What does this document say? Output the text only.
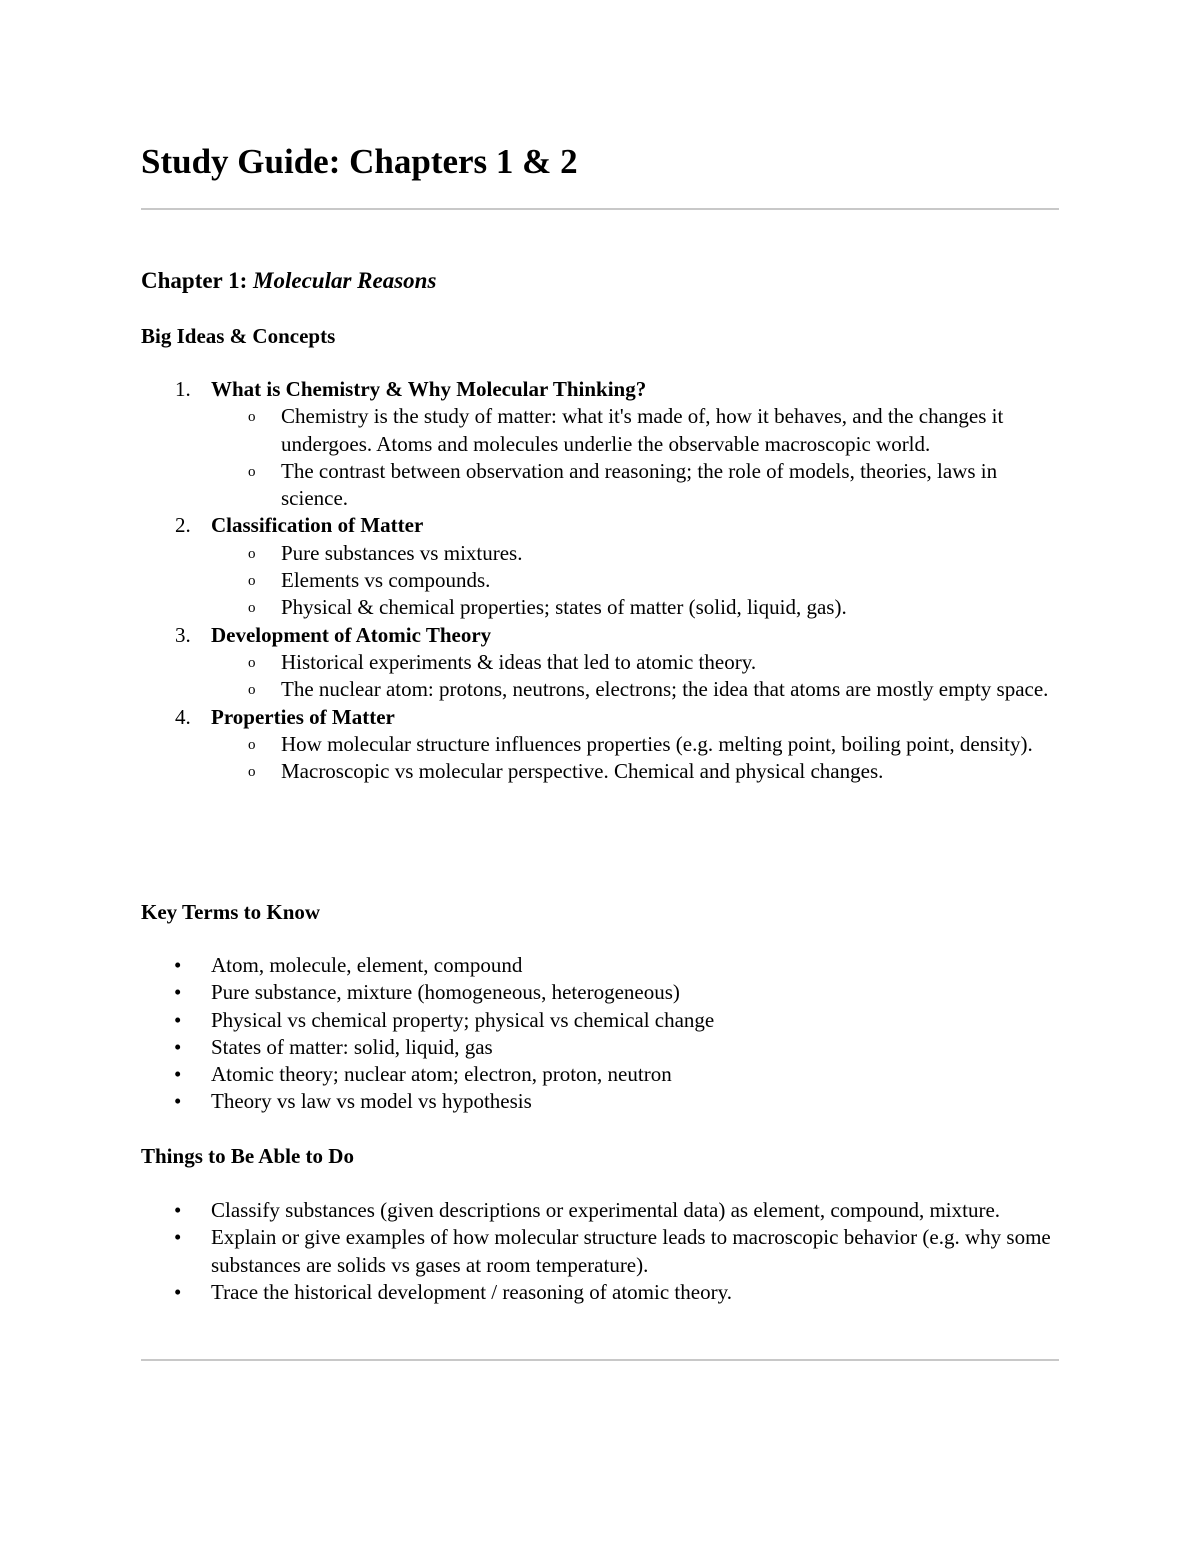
Study Guide: Chapters 1 & 2
Chapter 1: Molecular Reasons
Big Ideas & Concepts
1. What is Chemistry & Why Molecular Thinking?
o Chemistry is the study of matter: what it's made of, how it behaves, and the changes it undergoes. Atoms and molecules underlie the observable macroscopic world.
o The contrast between observation and reasoning; the role of models, theories, laws in science.
2. Classification of Matter
o Pure substances vs mixtures.
o Elements vs compounds.
o Physical & chemical properties; states of matter (solid, liquid, gas).
3. Development of Atomic Theory
o Historical experiments & ideas that led to atomic theory.
o The nuclear atom: protons, neutrons, electrons; the idea that atoms are mostly empty space.
4. Properties of Matter
o How molecular structure influences properties (e.g. melting point, boiling point, density).
o Macroscopic vs molecular perspective. Chemical and physical changes.
Key Terms to Know
• Atom, molecule, element, compound
• Pure substance, mixture (homogeneous, heterogeneous)
• Physical vs chemical property; physical vs chemical change
• States of matter: solid, liquid, gas
• Atomic theory; nuclear atom; electron, proton, neutron
• Theory vs law vs model vs hypothesis
Things to Be Able to Do
• Classify substances (given descriptions or experimental data) as element, compound, mixture.
• Explain or give examples of how molecular structure leads to macroscopic behavior (e.g. why some substances are solids vs gases at room temperature).
• Trace the historical development / reasoning of atomic theory.
